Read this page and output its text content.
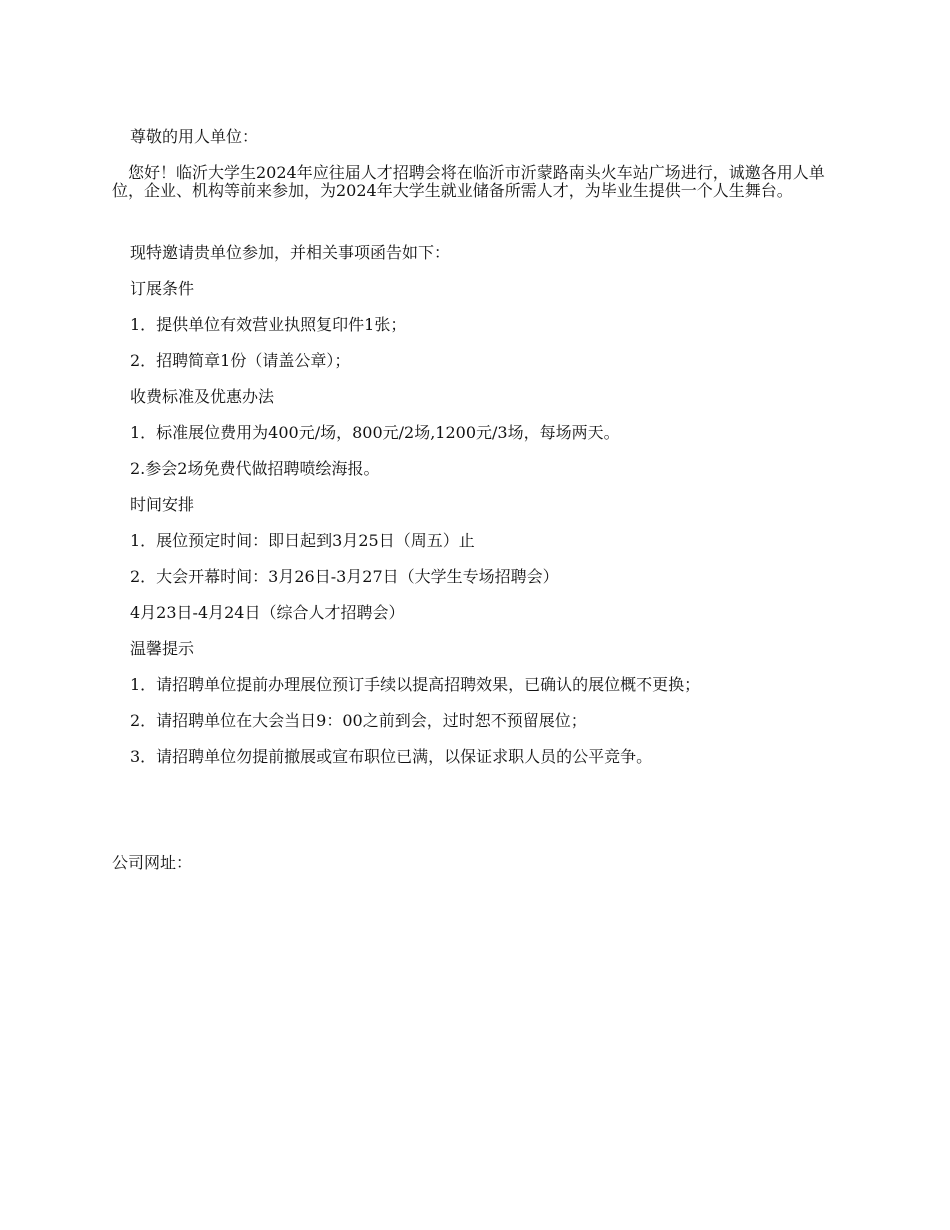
尊敬的用人单位：

您好！临沂大学生2024年应往届人才招聘会将在临沂市沂蒙路南头火车站广场进行，诚邀各用人单位，企业、机构等前来参加，为2024年大学生就业储备所需人才，为毕业生提供一个人生舞台。

现特邀请贵单位参加，并相关事项函告如下：

订展条件

1．提供单位有效营业执照复印件1张；

2．招聘简章1份（请盖公章）；

收费标准及优惠办法

1．标准展位费用为400元/场，800元/2场,1200元/3场，每场两天。

2.参会2场免费代做招聘喷绘海报。

时间安排

1．展位预定时间：即日起到3月25日（周五）止

2．大会开幕时间：3月26日-3月27日（大学生专场招聘会）

4月23日-4月24日（综合人才招聘会）

温馨提示

1．请招聘单位提前办理展位预订手续以提高招聘效果，已确认的展位概不更换；

2．请招聘单位在大会当日9：00之前到会，过时恕不预留展位；

3．请招聘单位勿提前撤展或宣布职位已满，以保证求职人员的公平竞争。

公司网址：
